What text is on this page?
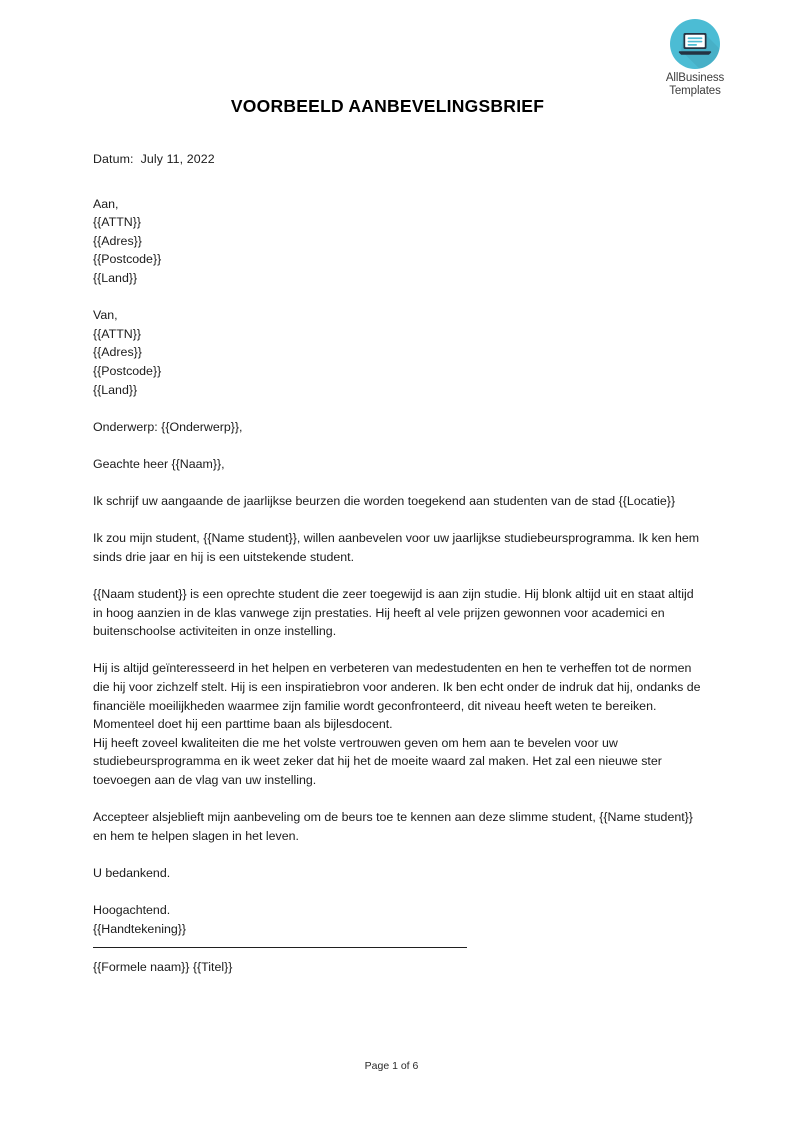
AllBusiness
Templates
VOORBEELD AANBEVELINGSBRIEF
Datum:  July 11, 2022
Aan,
{{ATTN}}
{{Adres}}
{{Postcode}}
{{Land}}
Van,
{{ATTN}}
{{Adres}}
{{Postcode}}
{{Land}}
Onderwerp: {{Onderwerp}},
Geachte heer {{Naam}},

Ik schrijf uw aangaande de jaarlijkse beurzen die worden toegekend aan studenten van de stad {{Locatie}}

Ik zou mijn student, {{Name student}}, willen aanbevelen voor uw jaarlijkse studiebeursprogramma. Ik ken hem sinds drie jaar en hij is een uitstekende student.

{{Naam student}} is een oprechte student die zeer toegewijd is aan zijn studie. Hij blonk altijd uit en staat altijd in hoog aanzien in de klas vanwege zijn prestaties. Hij heeft al vele prijzen gewonnen voor academici en buitenschoolse activiteiten in onze instelling.

Hij is altijd geïnteresseerd in het helpen en verbeteren van medestudenten en hen te verheffen tot de normen die hij voor zichzelf stelt. Hij is een inspiratiebron voor anderen. Ik ben echt onder de indruk dat hij, ondanks de financiële moeilijkheden waarmee zijn familie wordt geconfronteerd, dit niveau heeft weten te bereiken. Momenteel doet hij een parttime baan als bijlesdocent.

Hij heeft zoveel kwaliteiten die me het volste vertrouwen geven om hem aan te bevelen voor uw studiebeursprogramma en ik weet zeker dat hij het de moeite waard zal maken. Het zal een nieuwe ster toevoegen aan de vlag van uw instelling.

Accepteer alsjeblieft mijn aanbeveling om de beurs toe te kennen aan deze slimme student, {{Name student}} en hem te helpen slagen in het leven.

U bedankend.
Hoogachtend.
{{Handtekening}}
{{Formele naam}} {{Titel}}
Page 1 of 6
